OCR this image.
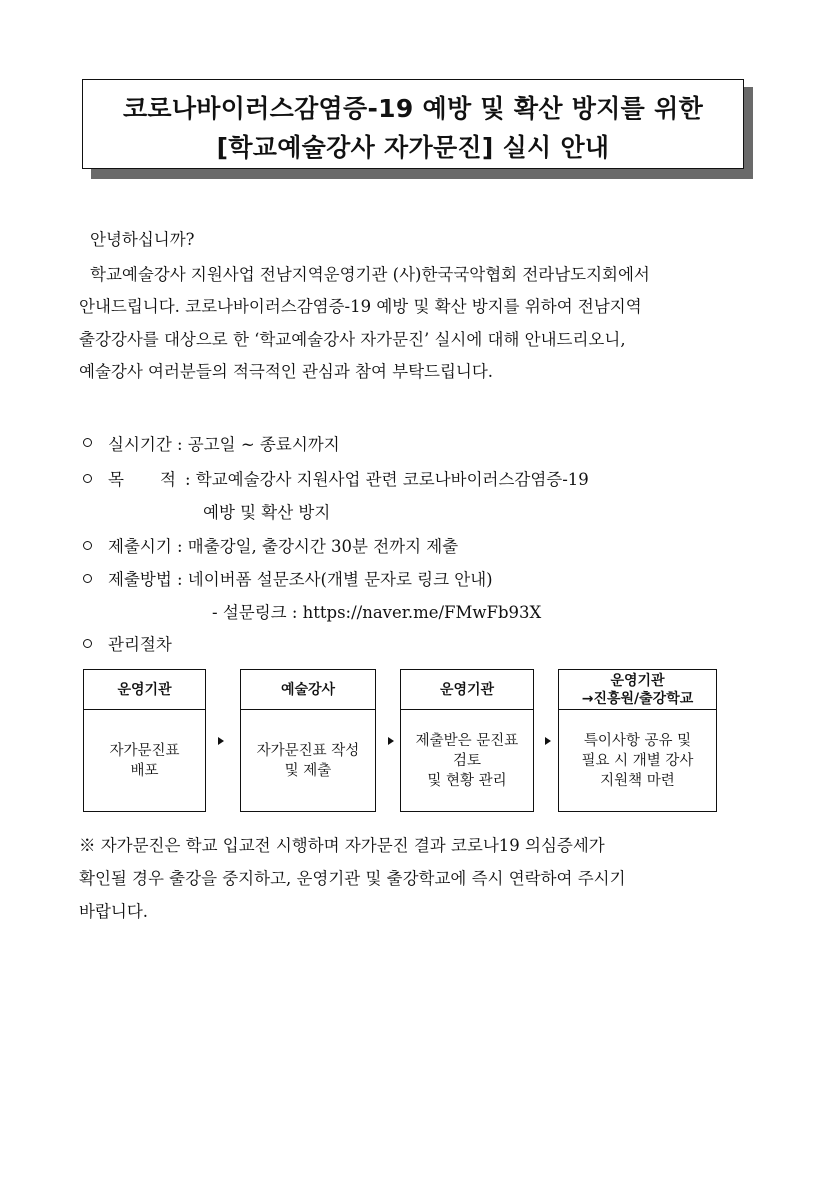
코로나바이러스감염증-19 예방 및 확산 방지를 위한
[학교예술강사 자가문진] 실시 안내
안녕하십니까?
학교예술강사 지원사업 전남지역운영기관 (사)한국국악협회 전라남도지회에서
안내드립니다. 코로나바이러스감염증-19 예방 및 확산 방지를 위하여 전남지역
출강강사를 대상으로 한 ‘학교예술강사 자가문진’ 실시에 대해 안내드리오니,
예술강사 여러분들의 적극적인 관심과 참여 부탁드립니다.
실시기간 : 공고일 ~ 종료시까지
목 적 : 학교예술강사 지원사업 관련 코로나바이러스감염증-19
예방 및 확산 방지
제출시기 : 매출강일, 출강시간 30분 전까지 제출
제출방법 : 네이버폼 설문조사(개별 문자로 링크 안내)
- 설문링크 : https://naver.me/FMwFb93X
관리절차
운영기관
자가문진표
배포
예술강사
자가문진표 작성
및 제출
운영기관
제출받은 문진표
검토
및 현황 관리
운영기관
→진흥원/출강학교
특이사항 공유 및
필요 시 개별 강사
지원책 마련
※ 자가문진은 학교 입교전 시행하며 자가문진 결과 코로나19 의심증세가
확인될 경우 출강을 중지하고, 운영기관 및 출강학교에 즉시 연락하여 주시기
바랍니다.
